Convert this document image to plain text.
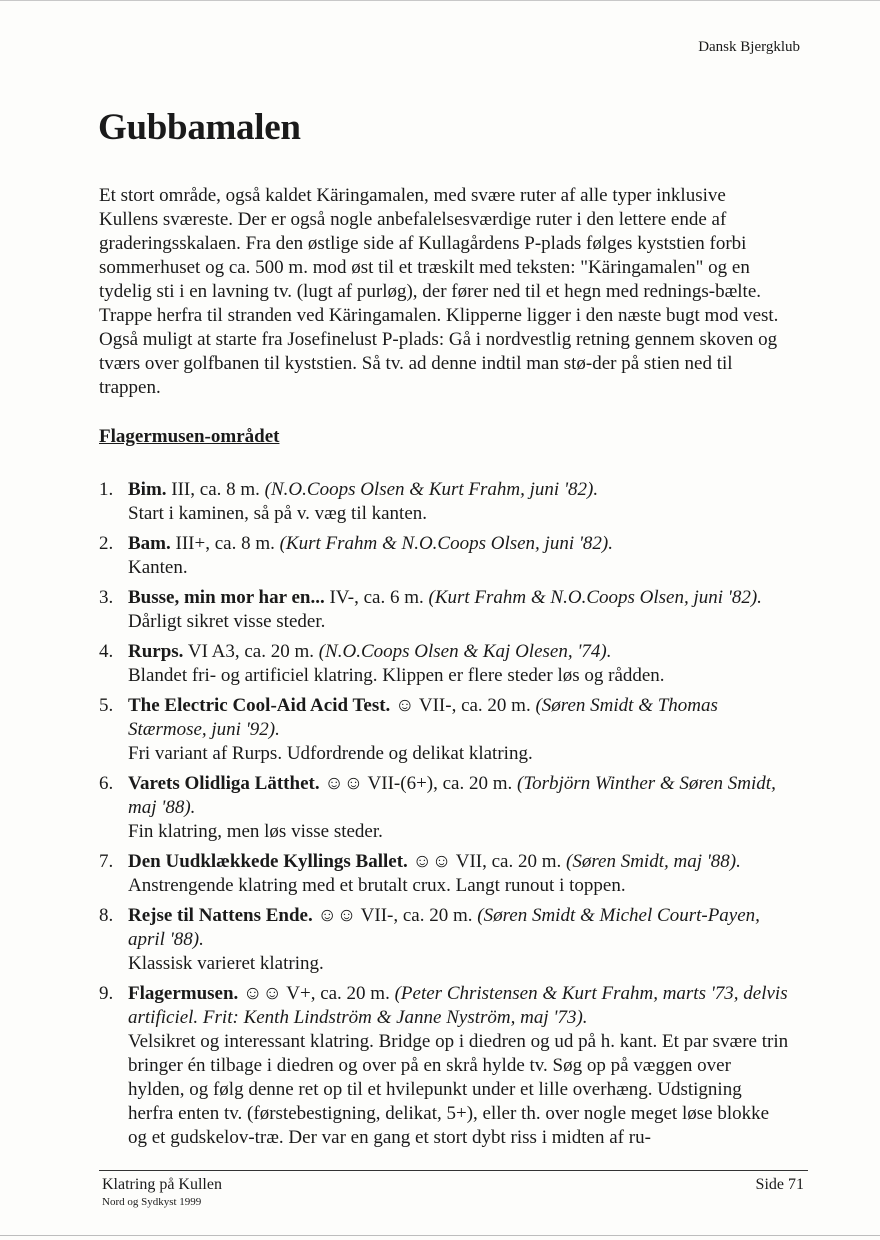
Dansk Bjergklub
Gubbamalen

Et stort område, også kaldet Käringamalen, med svære ruter af alle typer inklusive Kullens sværeste. Der er også nogle anbefalelsesværdige ruter i den lettere ende af graderingsskalaen. Fra den østlige side af Kullagårdens P-plads følges kyststien forbi sommerhuset og ca. 500 m. mod øst til et træskilt med teksten: "Käringamalen" og en tydelig sti i en lavning tv. (lugt af purløg), der fører ned til et hegn med rednings-bælte. Trappe herfra til stranden ved Käringamalen. Klipperne ligger i den næste bugt mod vest. Også muligt at starte fra Josefinelust P-plads: Gå i nordvestlig retning gennem skoven og tværs over golfbanen til kyststien. Så tv. ad denne indtil man stø-der på stien ned til trappen.

Flagermusen-området
1. Bim. III, ca. 8 m. (N.O.Coops Olsen & Kurt Frahm, juni '82).
Start i kaminen, så på v. væg til kanten.
2. Bam. III+, ca. 8 m. (Kurt Frahm & N.O.Coops Olsen, juni '82).
Kanten.
3. Busse, min mor har en... IV-, ca. 6 m. (Kurt Frahm & N.O.Coops Olsen, juni '82).
Dårligt sikret visse steder.
4. Rurps. VI A3, ca. 20 m. (N.O.Coops Olsen & Kaj Olesen, '74).
Blandet fri- og artificiel klatring. Klippen er flere steder løs og rådden.
5. The Electric Cool-Aid Acid Test. ☺ VII-, ca. 20 m. (Søren Smidt & Thomas Stærmose, juni '92).
Fri variant af Rurps. Udfordrende og delikat klatring.
6. Varets Olidliga Lätthet. ☺☺ VII-(6+), ca. 20 m. (Torbjörn Winther & Søren Smidt, maj '88).
Fin klatring, men løs visse steder.
7. Den Uudklækkede Kyllings Ballet. ☺☺ VII, ca. 20 m. (Søren Smidt, maj '88).
Anstrengende klatring med et brutalt crux. Langt runout i toppen.
8. Rejse til Nattens Ende. ☺☺ VII-, ca. 20 m. (Søren Smidt & Michel Court-Payen, april '88).
Klassisk varieret klatring.
9. Flagermusen. ☺☺ V+, ca. 20 m. (Peter Christensen & Kurt Frahm, marts '73, delvis artificiel. Frit: Kenth Lindström & Janne Nyström, maj '73).
Velsikret og interessant klatring. Bridge op i diedren og ud på h. kant. Et par svære trin bringer én tilbage i diedren og over på en skrå hylde tv. Søg op på væggen over hylden, og følg denne ret op til et hvilepunkt under et lille overhæng. Udstigning herfra enten tv. (førstebestigning, delikat, 5+), eller th. over nogle meget løse blokke og et gudskelov-træ. Der var en gang et stort dybt riss i midten af ru-
Klatring på Kullen
Nord og Sydkyst 1999
Side 71
